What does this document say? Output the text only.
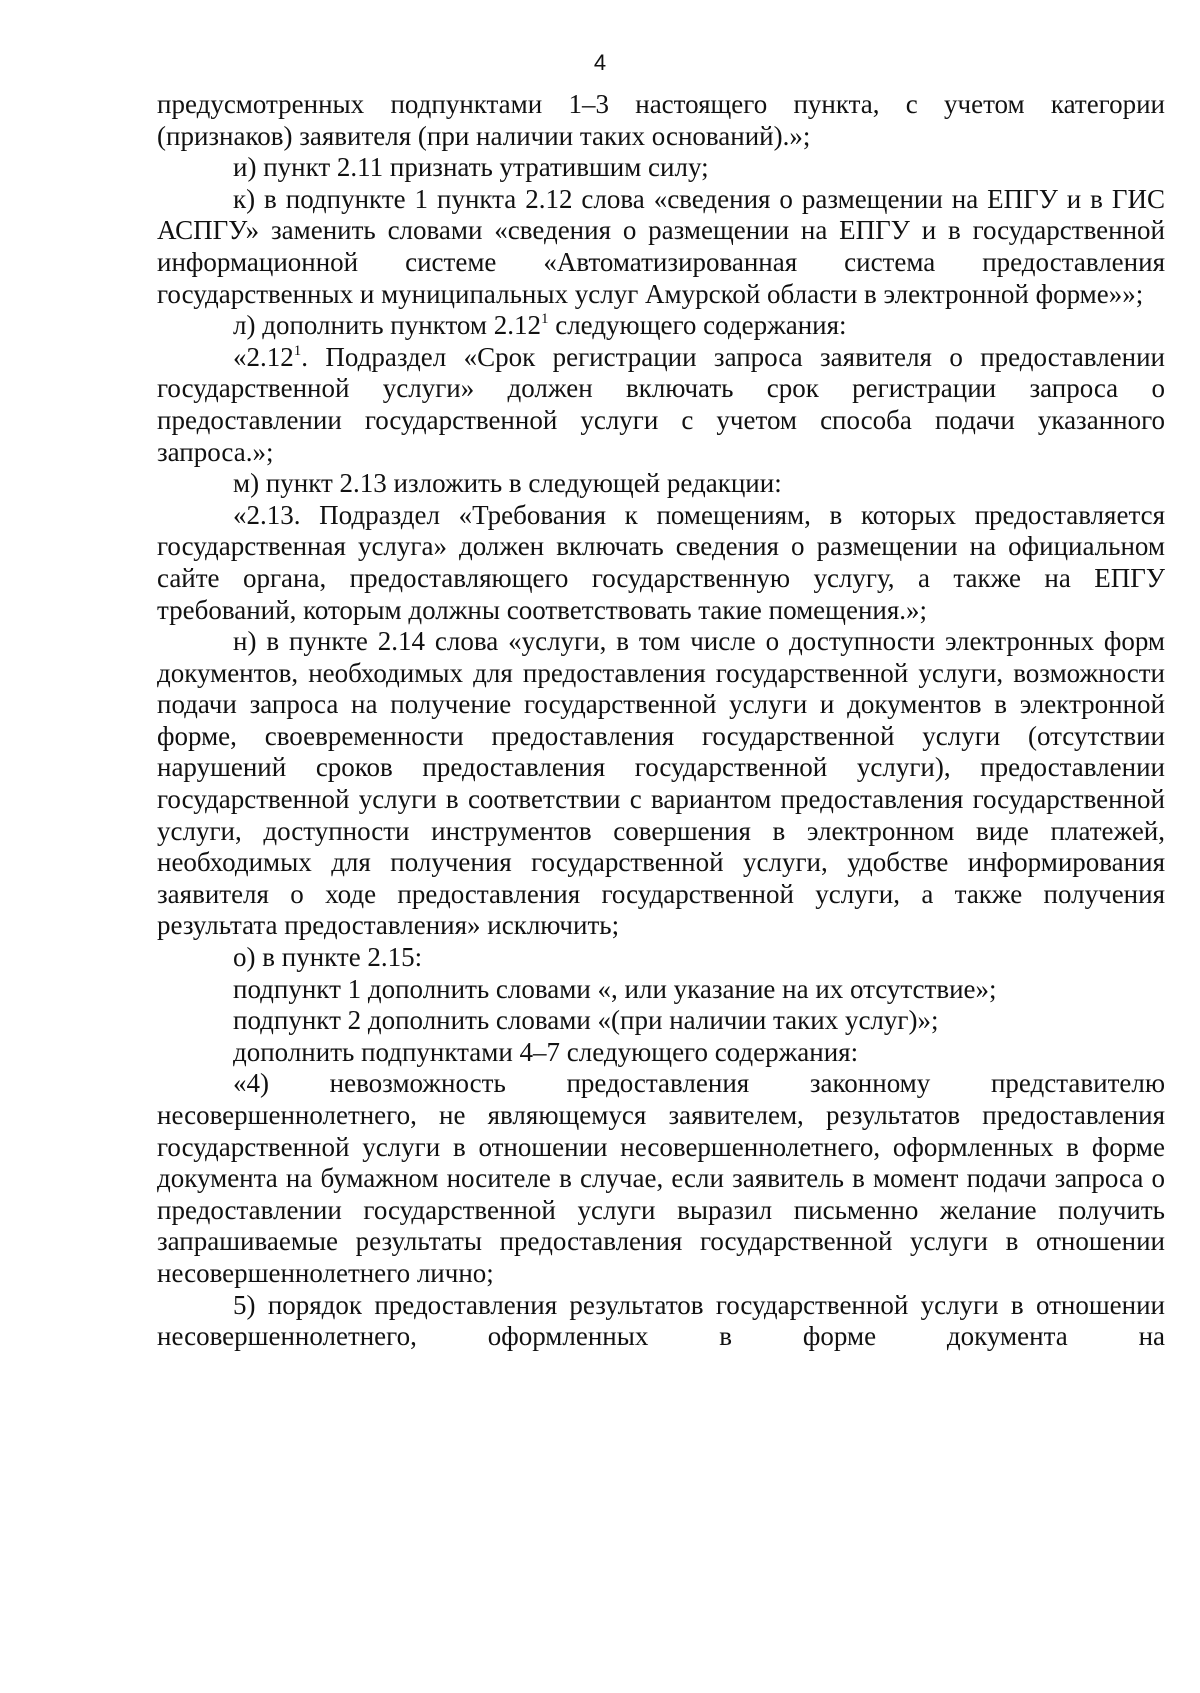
4

предусмотренных подпунктами 1–3 настоящего пункта, с учетом категории (признаков) заявителя (при наличии таких оснований).»;

и) пункт 2.11 признать утратившим силу;

к) в подпункте 1 пункта 2.12 слова «сведения о размещении на ЕПГУ и в ГИС АСПГУ» заменить словами «сведения о размещении на ЕПГУ и в государственной информационной системе «Автоматизированная система предоставления государственных и муниципальных услуг Амурской области в электронной форме»»;

л) дополнить пунктом 2.12$^1$ следующего содержания:

«2.12$^1$. Подраздел «Срок регистрации запроса заявителя о предоставлении государственной услуги» должен включать срок регистрации запроса о предоставлении государственной услуги с учетом способа подачи указанного запроса.»;

м) пункт 2.13 изложить в следующей редакции:

«2.13. Подраздел «Требования к помещениям, в которых предоставляется государственная услуга» должен включать сведения о размещении на официальном сайте органа, предоставляющего государственную услугу, а также на ЕПГУ требований, которым должны соответствовать такие помещения.»;

н) в пункте 2.14 слова «услуги, в том числе о доступности электронных форм документов, необходимых для предоставления государственной услуги, возможности подачи запроса на получение государственной услуги и документов в электронной форме, своевременности предоставления государственной услуги (отсутствии нарушений сроков предоставления государственной услуги), предоставлении государственной услуги в соответствии с вариантом предоставления государственной услуги, доступности инструментов совершения в электронном виде платежей, необходимых для получения государственной услуги, удобстве информирования заявителя о ходе предоставления государственной услуги, а также получения результата предоставления» исключить;

о) в пункте 2.15:

подпункт 1 дополнить словами «, или указание на их отсутствие»;

подпункт 2 дополнить словами «(при наличии таких услуг)»;

дополнить подпунктами 4–7 следующего содержания:

«4) невозможность предоставления законному представителю несовершеннолетнего, не являющемуся заявителем, результатов предоставления государственной услуги в отношении несовершеннолетнего, оформленных в форме документа на бумажном носителе в случае, если заявитель в момент подачи запроса о предоставлении государственной услуги выразил письменно желание получить запрашиваемые результаты предоставления государственной услуги в отношении несовершеннолетнего лично;

5) порядок предоставления результатов государственной услуги в отношении несовершеннолетнего, оформленных в форме документа на
